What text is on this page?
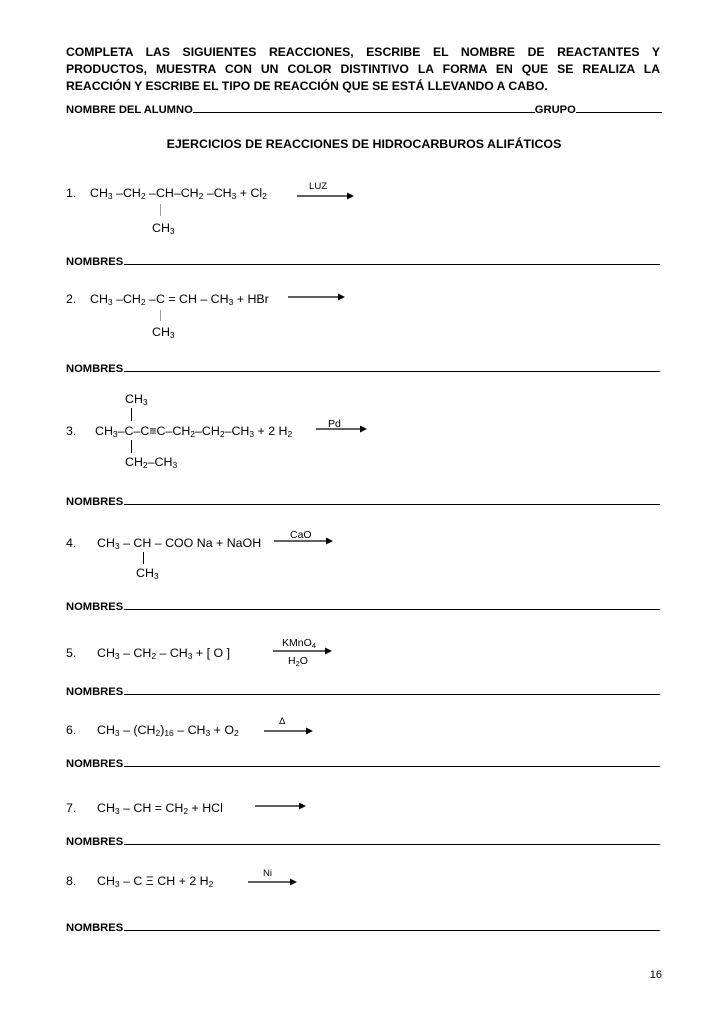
COMPLETA LAS SIGUIENTES REACCIONES, ESCRIBE EL NOMBRE DE REACTANTES Y
PRODUCTOS, MUESTRA CON UN COLOR DISTINTIVO LA FORMA EN QUE SE REALIZA LA
REACCIÓN Y ESCRIBE EL TIPO DE REACCIÓN QUE SE ESTÁ LLEVANDO A CABO.
NOMBRE DEL ALUMNO	GRUPO
EJERCICIOS DE REACCIONES DE HIDROCARBUROS ALIFÁTICOS
1. $CH_3$ $-CH_2$ $-CH-CH_2$ $-CH_3 + Cl_2$
$CH_3$
LUZ
NOMBRES
2. $CH_3$ $-CH_2$ –C = CH – $CH_3$ + HBr
$CH_3$
NOMBRES
$CH_3$
3. $CH_3-C-C\equiv C-CH_2-CH_2-CH_3 + 2$ $H_2$
$CH_2-CH_3$
Pd
NOMBRES
4. $CH_3$ – CH – COO Na + NaOH
$CH_3$
CaO
NOMBRES
5. $CH_3 - CH_2 - CH_3$ + [ O ]
KMnO$_4$
$H_2O$
NOMBRES
6. $CH_3 - (CH_2)_{16} - CH_3 + O_2$
Δ
NOMBRES
7. $CH_3$ – CH = $CH_2$ + HCl
NOMBRES
8. $CH_3$ – C Ξ CH + 2 $H_2$
Ni
NOMBRES
16
